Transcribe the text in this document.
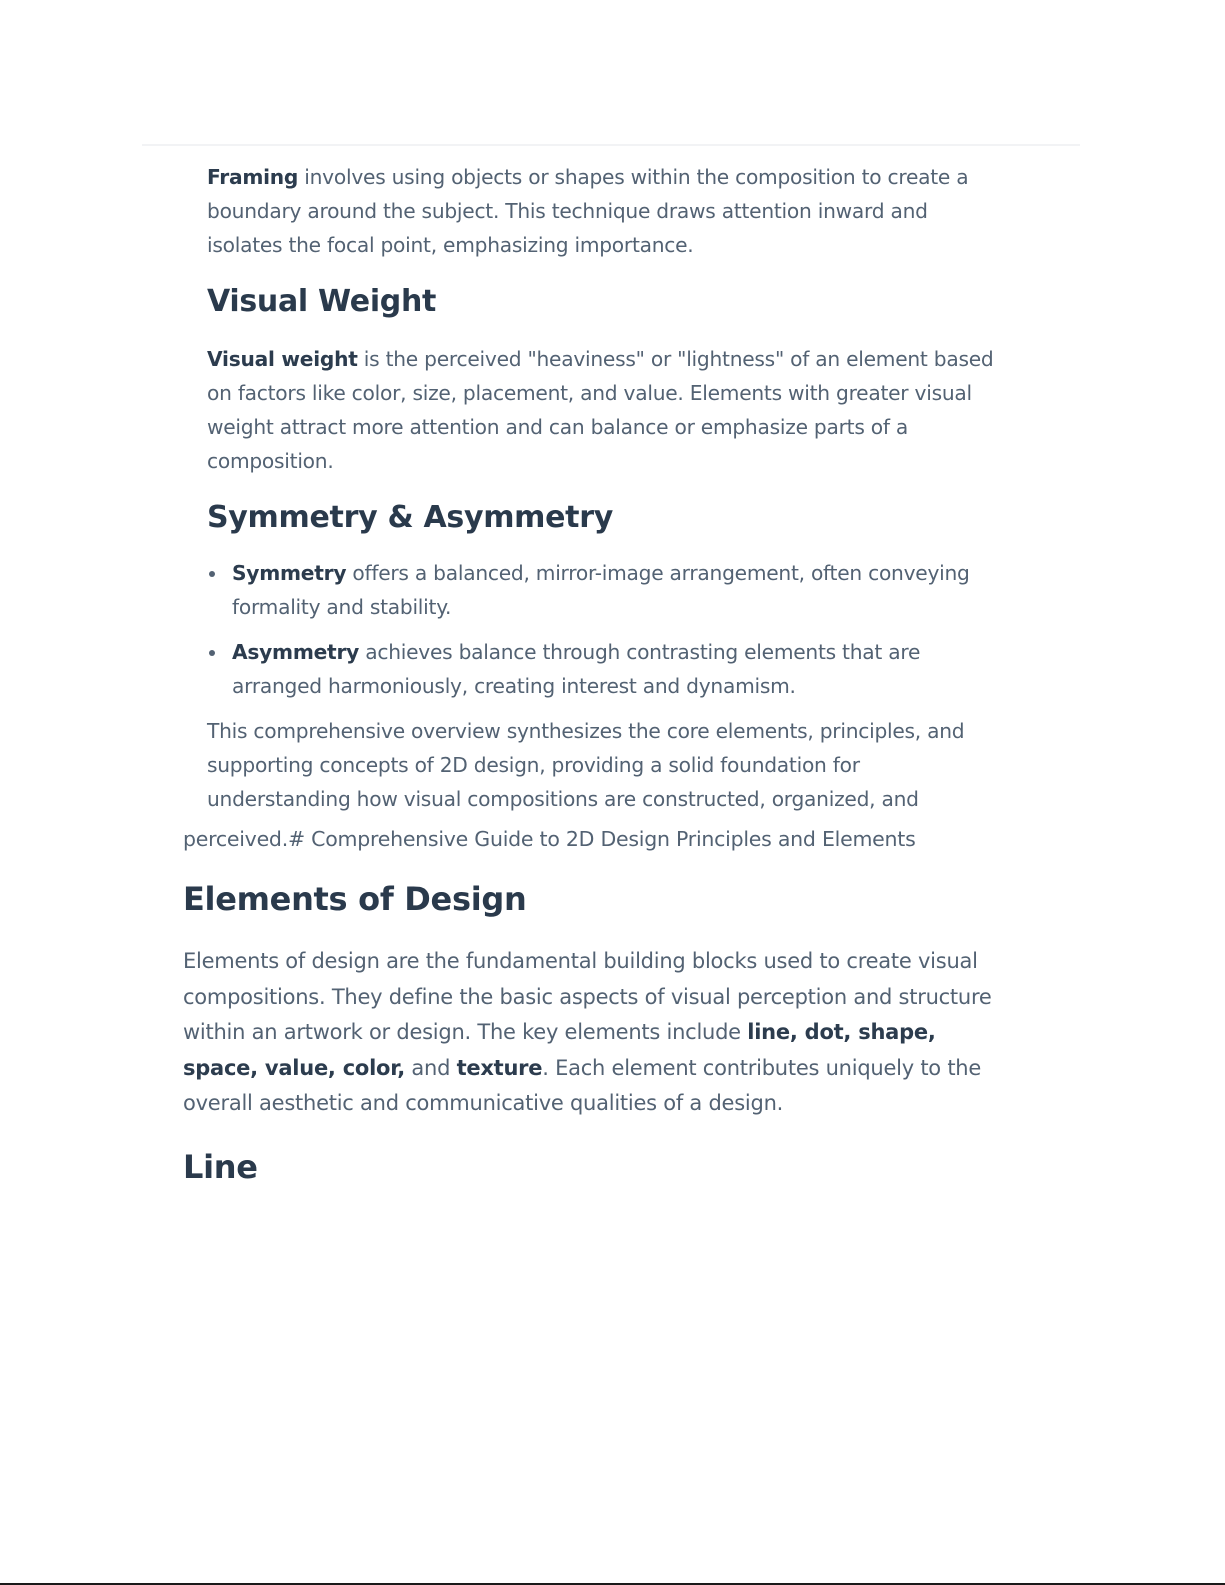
Framing involves using objects or shapes within the composition to create a boundary around the subject. This technique draws attention inward and isolates the focal point, emphasizing importance.

Visual Weight

Visual weight is the perceived "heaviness" or "lightness" of an element based on factors like color, size, placement, and value. Elements with greater visual weight attract more attention and can balance or emphasize parts of a composition.

Symmetry & Asymmetry

Symmetry offers a balanced, mirror-image arrangement, often conveying formality and stability.

Asymmetry achieves balance through contrasting elements that are arranged harmoniously, creating interest and dynamism.

This comprehensive overview synthesizes the core elements, principles, and supporting concepts of 2D design, providing a solid foundation for understanding how visual compositions are constructed, organized, and

perceived.# Comprehensive Guide to 2D Design Principles and Elements

Elements of Design

Elements of design are the fundamental building blocks used to create visual compositions. They define the basic aspects of visual perception and structure within an artwork or design. The key elements include line, dot, shape, space, value, color, and texture. Each element contributes uniquely to the overall aesthetic and communicative qualities of a design.

Line
